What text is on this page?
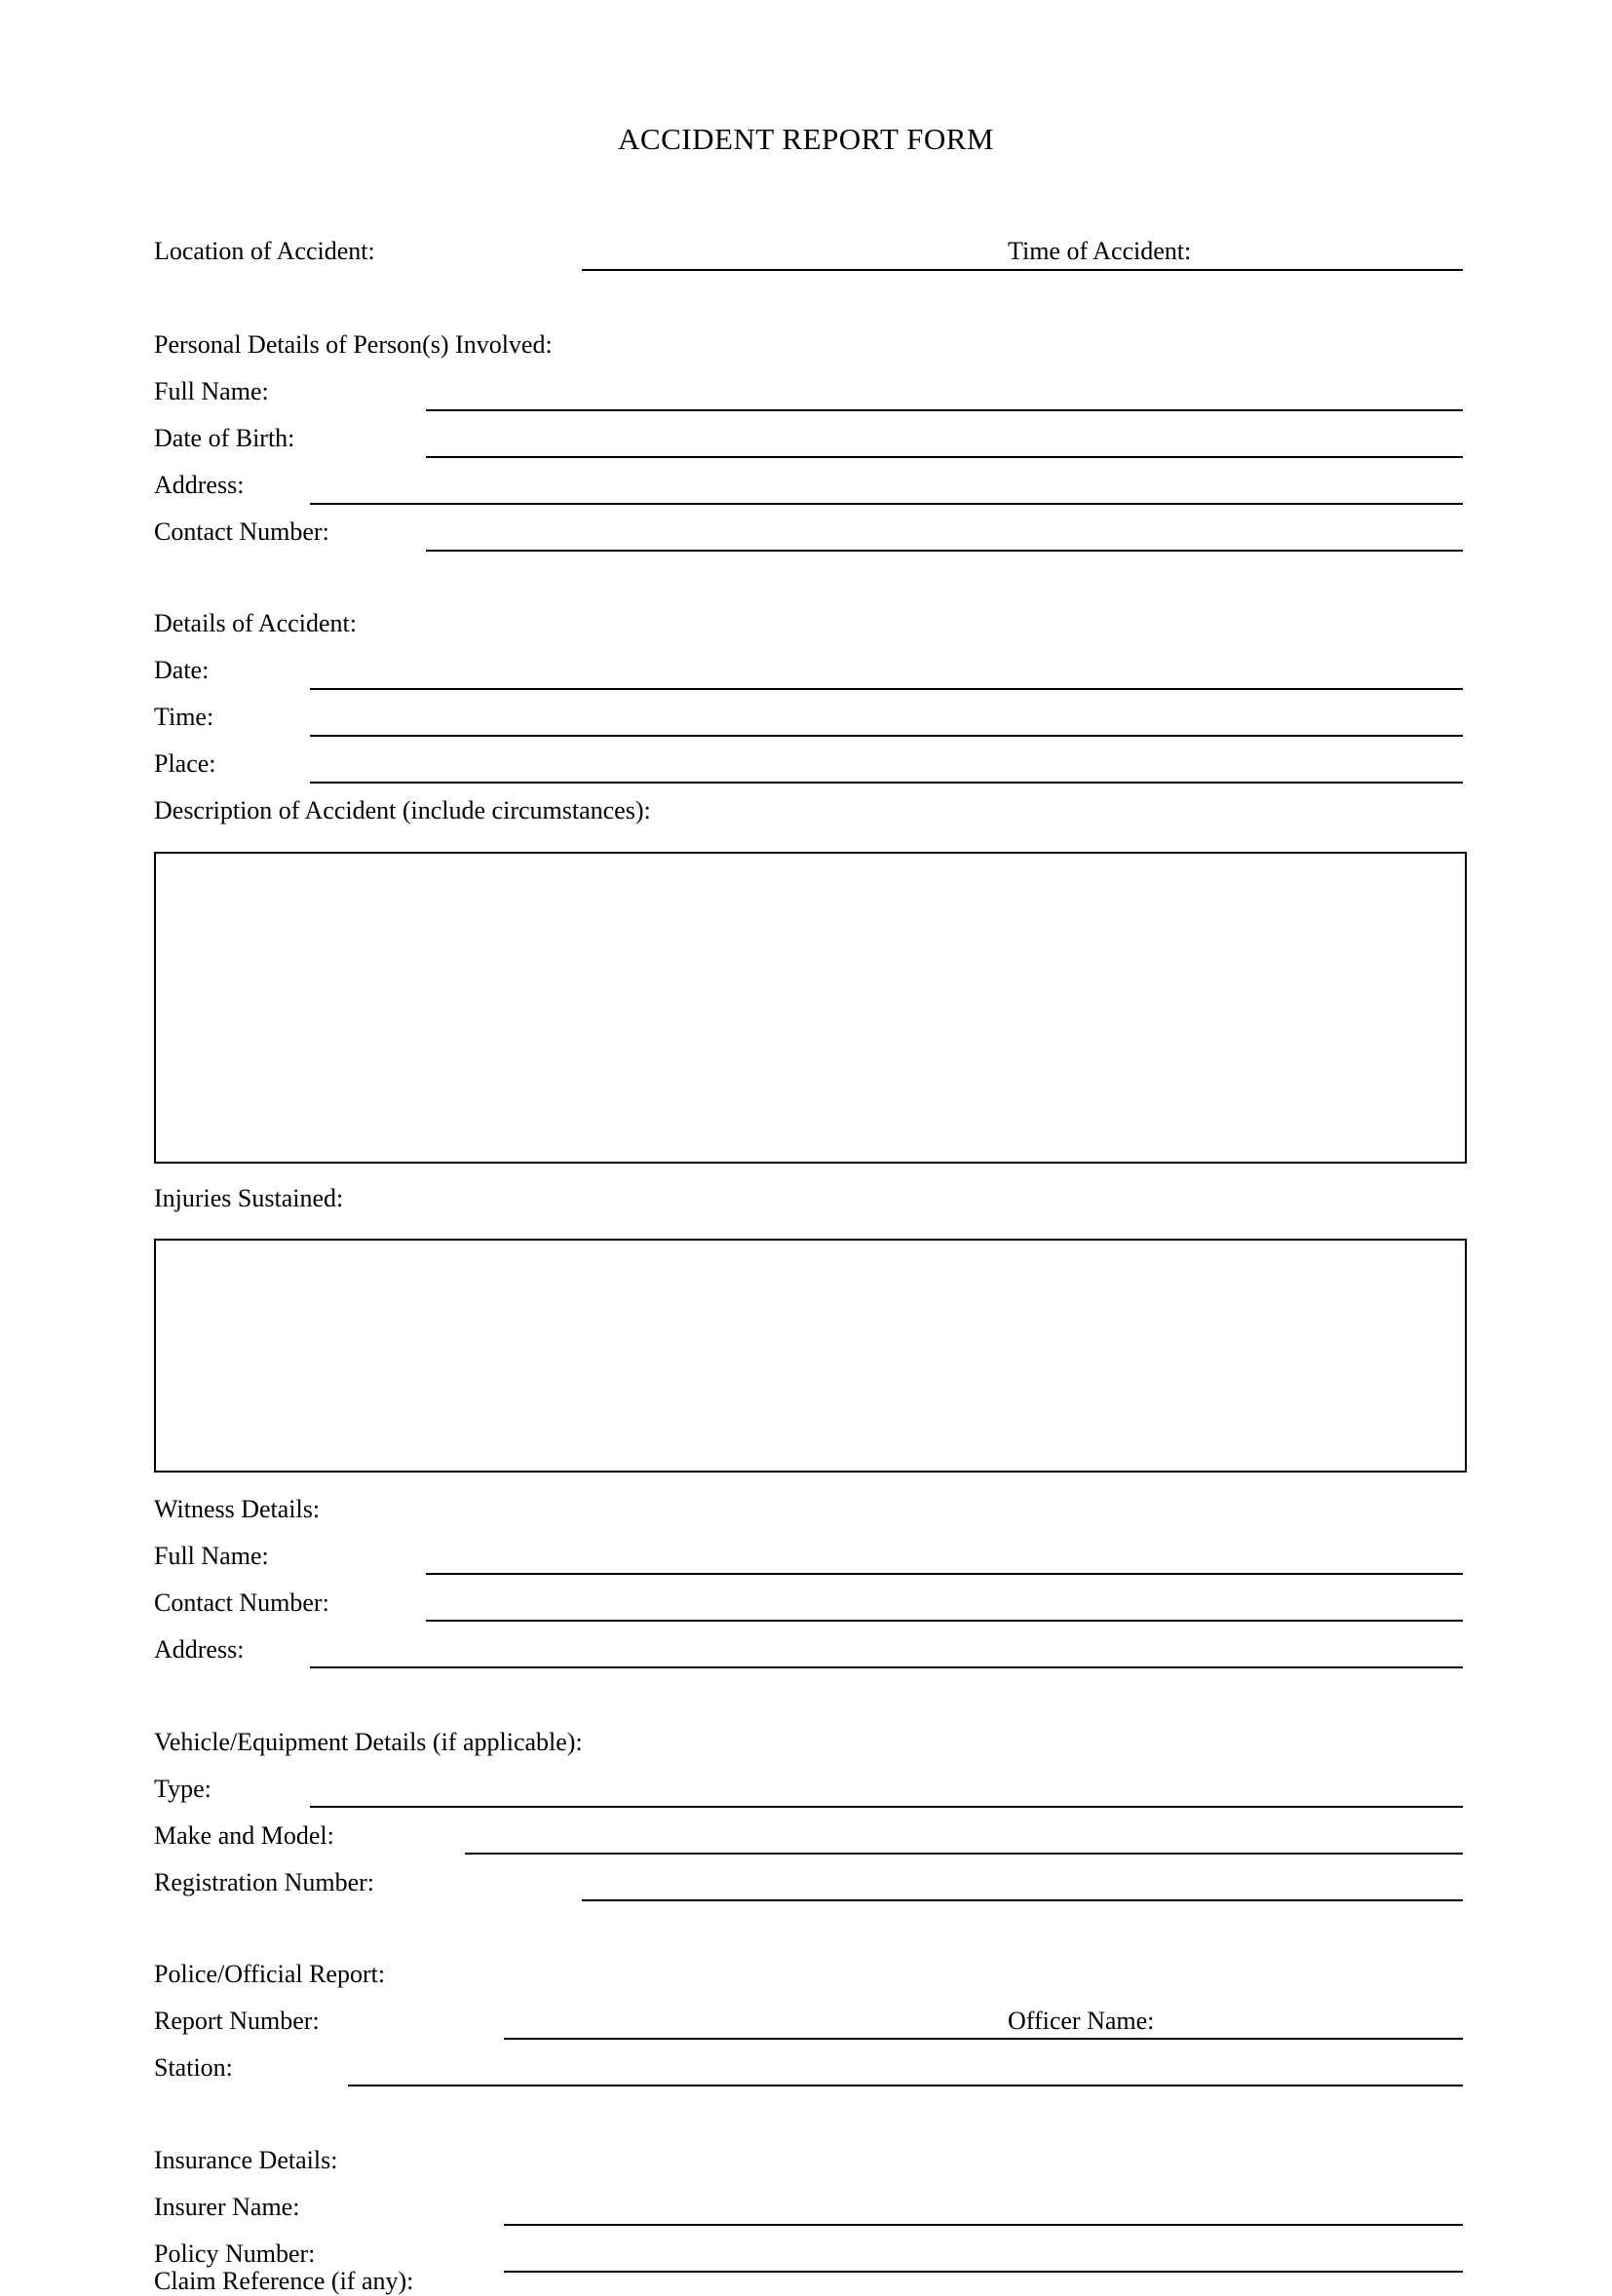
ACCIDENT REPORT FORM
Location of Accident:	Time of Accident:
Personal Details of Person(s) Involved:
Full Name:
Date of Birth:
Address:
Contact Number:
Details of Accident:
Date:
Time:
Place:
Description of Accident (include circumstances):
Injuries Sustained:
Witness Details:
Full Name:
Contact Number:
Address:
Vehicle/Equipment Details (if applicable):
Type:
Make and Model:
Registration Number:
Police/Official Report:
Report Number:	Officer Name:
Station:
Insurance Details:
Insurer Name:
Policy Number:
Claim Reference (if any):
